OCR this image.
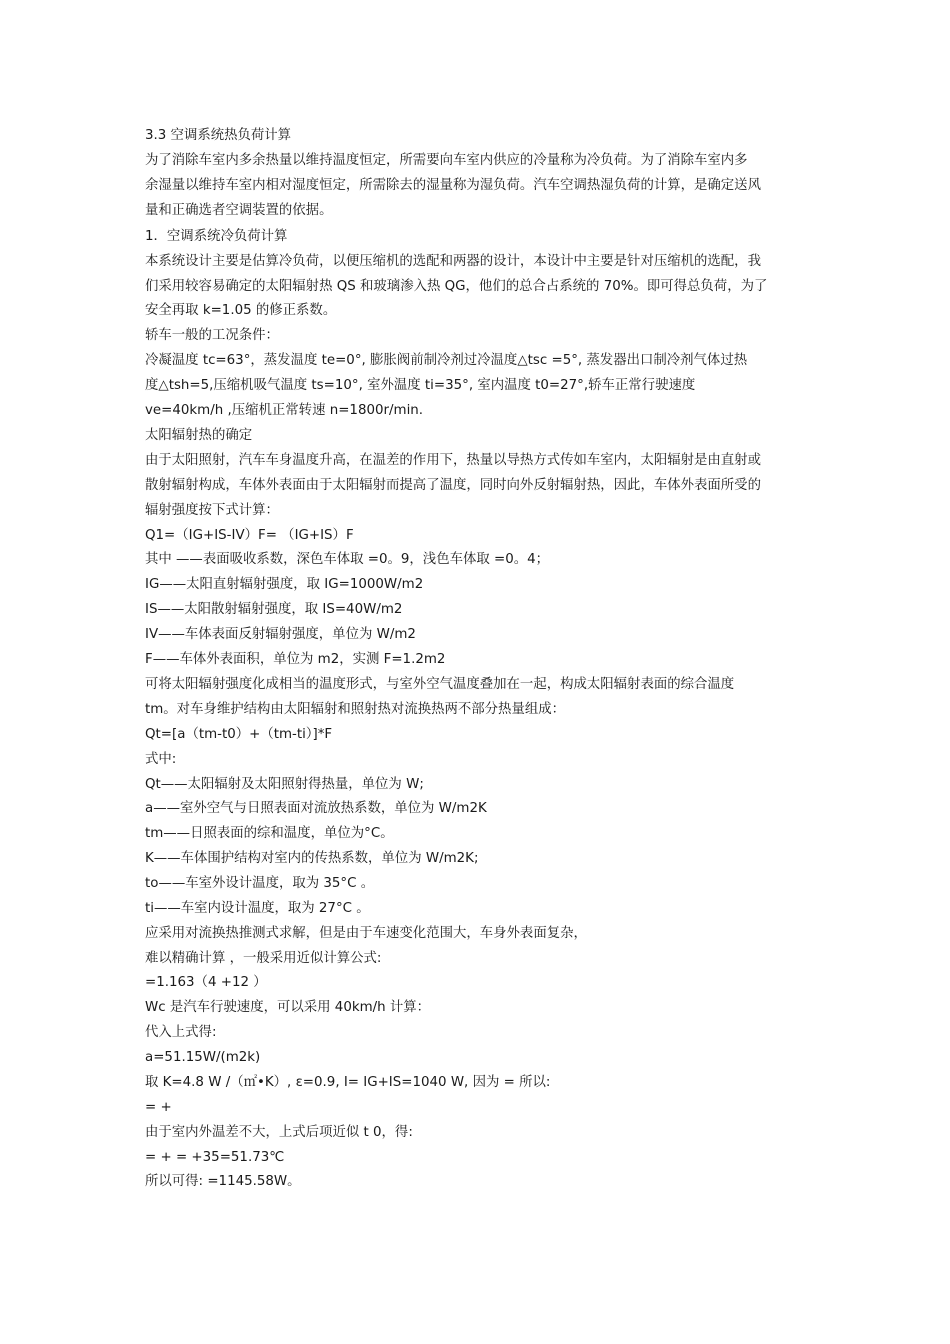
3.3 空调系统热负荷计算
为了消除车室内多余热量以维持温度恒定，所需要向车室内供应的冷量称为冷负荷。为了消除车室内多
余湿量以维持车室内相对湿度恒定，所需除去的湿量称为湿负荷。汽车空调热湿负荷的计算，是确定送风
量和正确选者空调装置的依据。
1．空调系统冷负荷计算
本系统设计主要是估算冷负荷，以便压缩机的选配和两器的设计，本设计中主要是针对压缩机的选配，我
们采用较容易确定的太阳辐射热 QS 和玻璃渗入热 QG，他们的总合占系统的 70%。即可得总负荷，为了
安全再取 k=1.05 的修正系数。
轿车一般的工况条件：
冷凝温度 tc=63°，蒸发温度 te=0°, 膨胀阀前制冷剂过冷温度△tsc =5°, 蒸发器出口制冷剂气体过热
度△tsh=5,压缩机吸气温度 ts=10°, 室外温度 ti=35°, 室内温度 t0=27°,轿车正常行驶速度
ve=40km/h ,压缩机正常转速 n=1800r/min.
太阳辐射热的确定
由于太阳照射，汽车车身温度升高，在温差的作用下，热量以导热方式传如车室内，太阳辐射是由直射或
散射辐射构成，车体外表面由于太阳辐射而提高了温度，同时向外反射辐射热，因此，车体外表面所受的
辐射强度按下式计算：
Q1=（IG+IS-IV）F= （IG+IS）F
其中 ——表面吸收系数，深色车体取 =0。9，浅色车体取 =0。4；
IG——太阳直射辐射强度，取 IG=1000W/m2
IS——太阳散射辐射强度，取 IS=40W/m2
IV——车体表面反射辐射强度，单位为 W/m2
F——车体外表面积，单位为 m2，实测 F=1.2m2
可将太阳辐射强度化成相当的温度形式，与室外空气温度叠加在一起，构成太阳辐射表面的综合温度
tm。对车身维护结构由太阳辐射和照射热对流换热两不部分热量组成：
Qt=[a（tm-t0）+（tm-ti）]*F
式中:
Qt——太阳辐射及太阳照射得热量，单位为 W;
a——室外空气与日照表面对流放热系数，单位为 W/m2K
tm——日照表面的综和温度，单位为°C。
K——车体围护结构对室内的传热系数，单位为 W/m2K;
to——车室外设计温度，取为 35°C 。
ti——车室内设计温度，取为 27°C 。
应采用对流换热推测式求解，但是由于车速变化范围大，车身外表面复杂，
难以精确计算 ，一般采用近似计算公式:
=1.163（4 +12 ）
Wc 是汽车行驶速度，可以采用 40km/h 计算：
代入上式得:
a=51.15W/(m2k)
取 K=4.8 W /（㎡•K）, ε=0.9, I= IG+IS=1040 W, 因为 = 所以:
= +
由于室内外温差不大，上式后项近似 t 0，得:
= + = +35=51.73℃
所以可得: =1145.58W。
